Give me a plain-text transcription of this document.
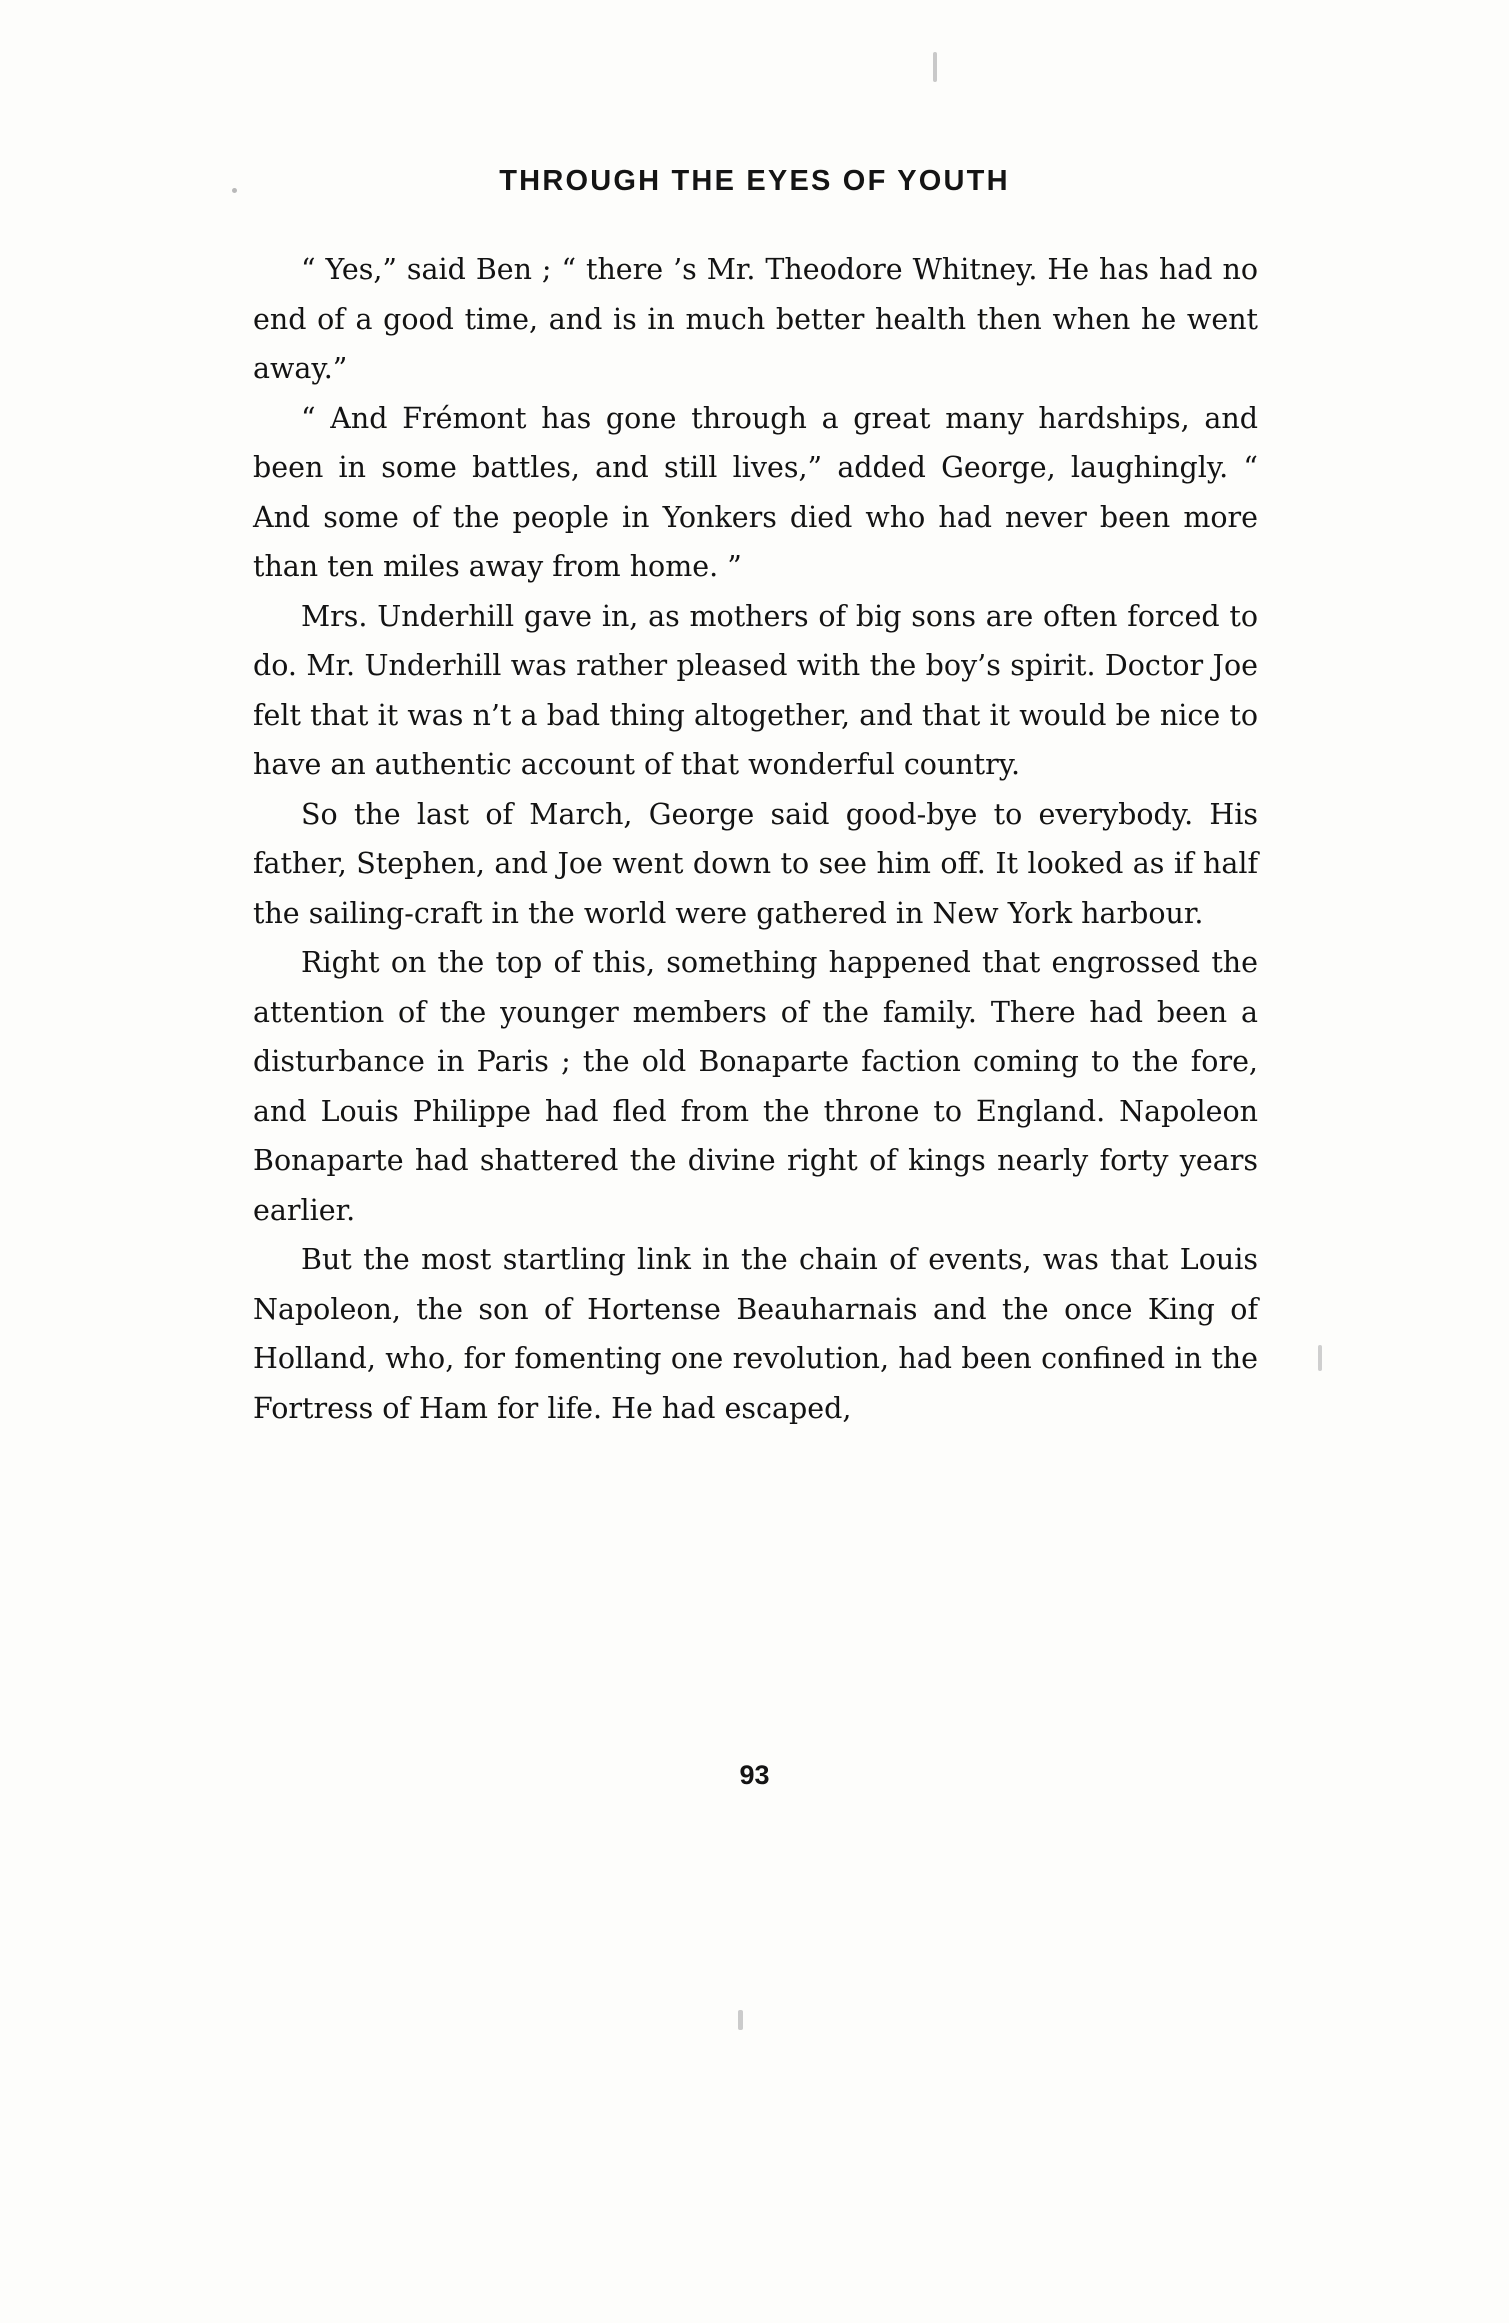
THROUGH THE EYES OF YOUTH

“ Yes,” said Ben ; “ there ’s Mr. Theodore Whitney. He has had no end of a good time, and is in much better health then when he went away.”

“ And Frémont has gone through a great many hardships, and been in some battles, and still lives,” added George, laughingly. “ And some of the people in Yonkers died who had never been more than ten miles away from home. ”

Mrs. Underhill gave in, as mothers of big sons are often forced to do. Mr. Underhill was rather pleased with the boy’s spirit. Doctor Joe felt that it was n’t a bad thing altogether, and that it would be nice to have an authentic account of that wonderful country.

So the last of March, George said good-bye to everybody. His father, Stephen, and Joe went down to see him off. It looked as if half the sailing-craft in the world were gathered in New York harbour.

Right on the top of this, something happened that engrossed the attention of the younger members of the family. There had been a disturbance in Paris ; the old Bonaparte faction coming to the fore, and Louis Philippe had fled from the throne to England. Napoleon Bonaparte had shattered the divine right of kings nearly forty years earlier.

But the most startling link in the chain of events, was that Louis Napoleon, the son of Hortense Beauharnais and the once King of Holland, who, for fomenting one revolution, had been confined in the Fortress of Ham for life. He had escaped,

93
